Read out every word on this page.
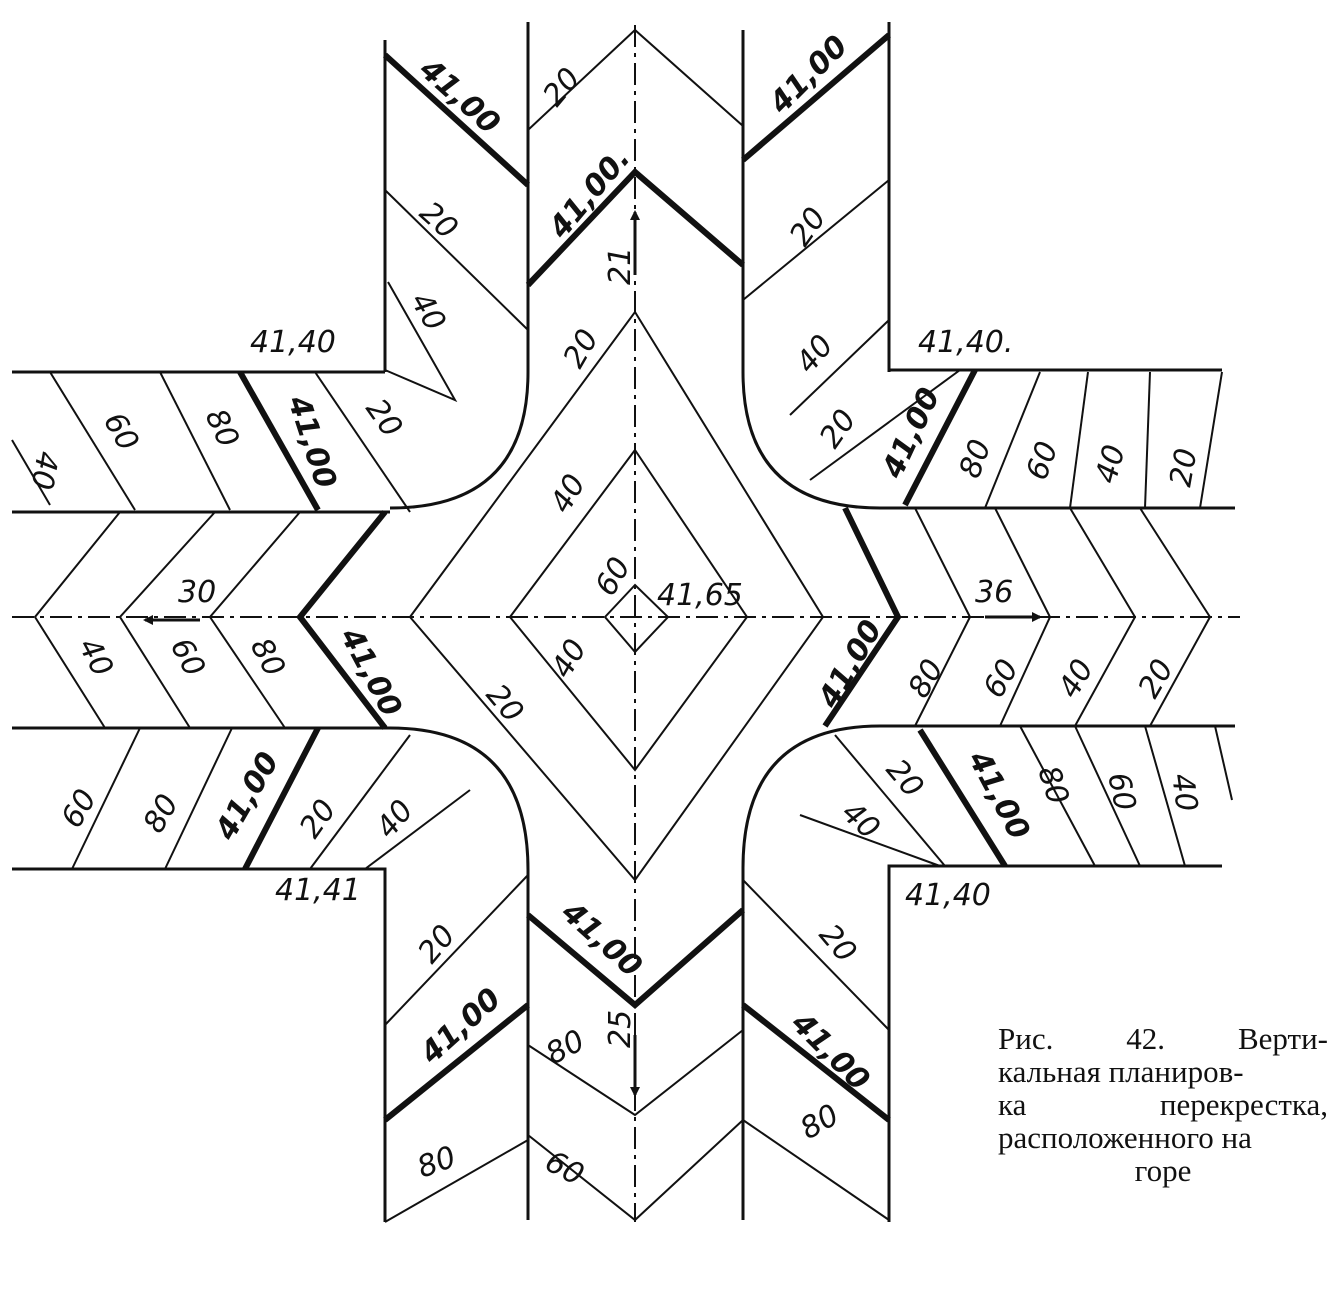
41,40	41,40.
41,41	41,40
41,65
60
40
40
20
20
21
30	36
25
41,00
20
40
20
41,00.
41,00
20
40
40
60 80 41,00 20
40 60 80 41,00
60 80 41,00 20 40
20
41,00
80
41,00
80
60
20
41,00
80
20 41,00 80 60 40 20
41,00 80 60 40 20
40
20 41,00
80 60 40
Рис. 42. Верти-
кальная планиров-
ка	перекрестка,
расположенного на
горе
